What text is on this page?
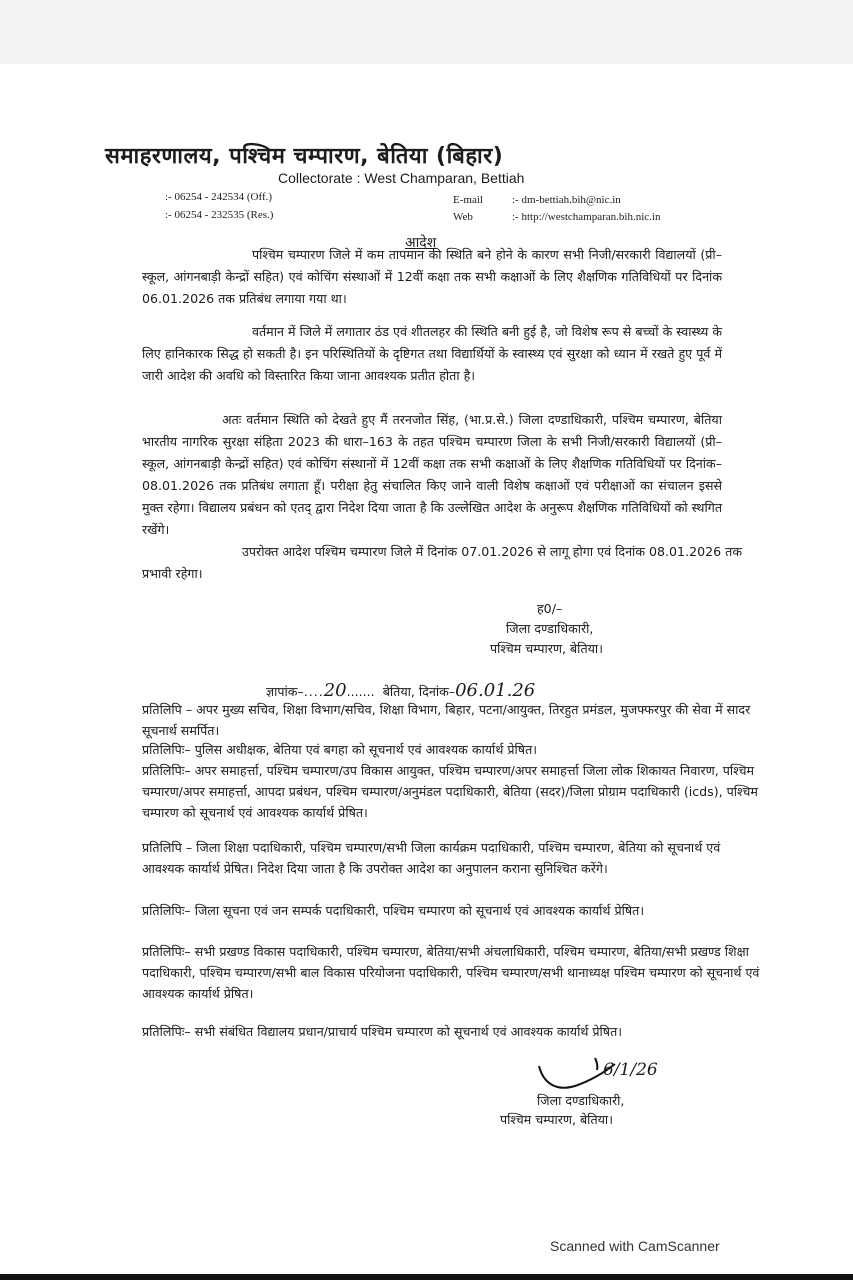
समाहरणालय, पश्चिम चम्पारण, बेतिया (बिहार)
Collectorate : West Champaran, Bettiah
:- 06254 - 242534 (Off.)
:- 06254 - 232535 (Res.)
E-mail	:- dm-bettiah.bih@nic.in
Web	:- http://westchamparan.bih.nic.in
आदेश
पश्चिम चम्पारण जिले में कम तापमान की स्थिति बने होने के कारण सभी निजी/सरकारी विद्यालयों (प्री–स्कूल, आंगनबाड़ी केन्द्रों सहित) एवं कोचिंग संस्थाओं में 12वीं कक्षा तक सभी कक्षाओं के लिए शैक्षणिक गतिविधियों पर दिनांक 06.01.2026 तक प्रतिबंध लगाया गया था।
वर्तमान में जिले में लगातार ठंड एवं शीतलहर की स्थिति बनी हुई है, जो विशेष रूप से बच्चों के स्वास्थ्य के लिए हानिकारक सिद्ध हो सकती है। इन परिस्थितियों के दृष्टिगत तथा विद्यार्थियों के स्वास्थ्य एवं सुरक्षा को ध्यान में रखते हुए पूर्व में जारी आदेश की अवधि को विस्तारित किया जाना आवश्यक प्रतीत होता है।
अतः वर्तमान स्थिति को देखते हुए मैं तरनजोत सिंह, (भा.प्र.से.) जिला दण्डाधिकारी, पश्चिम चम्पारण, बेतिया भारतीय नागरिक सुरक्षा संहिता 2023 की धारा–163 के तहत पश्चिम चम्पारण जिला के सभी निजी/सरकारी विद्यालयों (प्री–स्कूल, आंगनबाड़ी केन्द्रों सहित) एवं कोचिंग संस्थानों में 12वीं कक्षा तक सभी कक्षाओं के लिए शैक्षणिक गतिविधियों पर दिनांक– 08.01.2026 तक प्रतिबंध लगाता हूँ। परीक्षा हेतु संचालित किए जाने वाली विशेष कक्षाओं एवं परीक्षाओं का संचालन इससे मुक्त रहेगा। विद्यालय प्रबंधन को एतद् द्वारा निदेश दिया जाता है कि उल्लेखित आदेश के अनुरूप शैक्षणिक गतिविधियों को स्थगित रखेंगे।
उपरोक्त आदेश पश्चिम चम्पारण जिले में दिनांक 07.01.2026 से लागू होगा एवं दिनांक 08.01.2026 तक प्रभावी रहेगा।
ह0/–
जिला दण्डाधिकारी,
पश्चिम चम्पारण, बेतिया।
ज्ञापांक–....20.......  बेतिया, दिनांक–06.01.26
प्रतिलिपि – अपर मुख्य सचिव, शिक्षा विभाग/सचिव, शिक्षा विभाग, बिहार, पटना/आयुक्त, तिरहुत प्रमंडल, मुजफ्फरपुर की सेवा में सादर सूचनार्थ समर्पित।
प्रतिलिपिः– पुलिस अधीक्षक, बेतिया एवं बगहा को सूचनार्थ एवं आवश्यक कार्यार्थ प्रेषित।
प्रतिलिपिः– अपर समाहर्त्ता, पश्चिम चम्पारण/उप विकास आयुक्त, पश्चिम चम्पारण/अपर समाहर्त्ता जिला लोक शिकायत निवारण, पश्चिम चम्पारण/अपर समाहर्त्ता, आपदा प्रबंधन, पश्चिम चम्पारण/अनुमंडल पदाधिकारी, बेतिया (सदर)/जिला प्रोग्राम पदाधिकारी (icds), पश्चिम चम्पारण को सूचनार्थ एवं आवश्यक कार्यार्थ प्रेषित।
प्रतिलिपि – जिला शिक्षा पदाधिकारी, पश्चिम चम्पारण/सभी जिला कार्यक्रम पदाधिकारी, पश्चिम चम्पारण, बेतिया को सूचनार्थ एवं आवश्यक कार्यार्थ प्रेषित। निदेश दिया जाता है कि उपरोक्त आदेश का अनुपालन कराना सुनिश्चित करेंगे।
प्रतिलिपिः– जिला सूचना एवं जन सम्पर्क पदाधिकारी, पश्चिम चम्पारण को सूचनार्थ एवं आवश्यक कार्यार्थ प्रेषित।
प्रतिलिपिः– सभी प्रखण्ड विकास पदाधिकारी, पश्चिम चम्पारण, बेतिया/सभी अंचलाधिकारी, पश्चिम चम्पारण, बेतिया/सभी प्रखण्ड शिक्षा पदाधिकारी, पश्चिम चम्पारण/सभी बाल विकास परियोजना पदाधिकारी, पश्चिम चम्पारण/सभी थानाध्यक्ष पश्चिम चम्पारण को सूचनार्थ एवं आवश्यक कार्यार्थ प्रेषित।
प्रतिलिपिः– सभी संबंधित विद्यालय प्रधान/प्राचार्य पश्चिम चम्पारण को सूचनार्थ एवं आवश्यक कार्यार्थ प्रेषित।
6/1/26
जिला दण्डाधिकारी,
पश्चिम चम्पारण, बेतिया।
Scanned with CamScanner
